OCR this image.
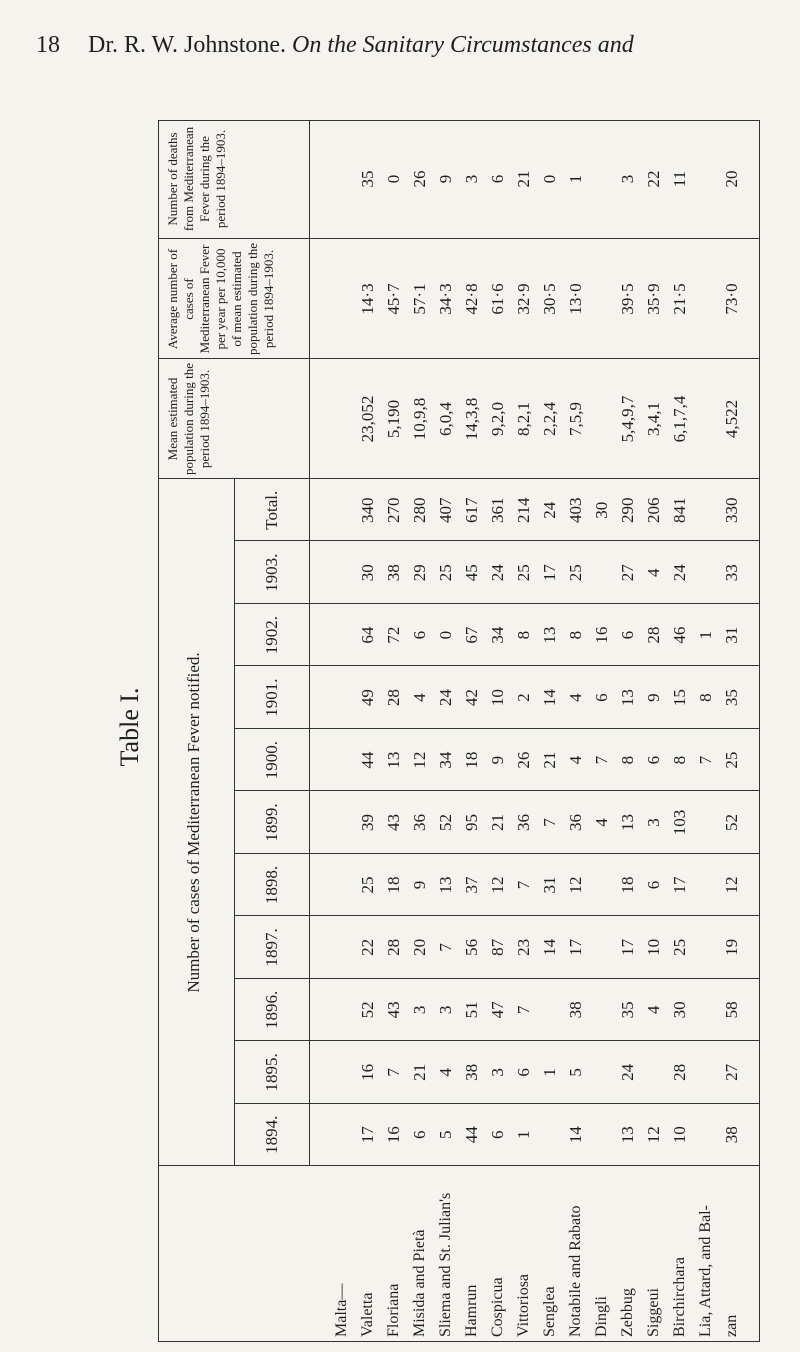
18 Dr. R. W. Johnstone. On the Sanitary Circumstances and
Table I.	Number of cases of Mediterranean Fever notified.
1894.
1895.
1896.
1897.
1898.
1899.
1900.
1901.
1902.
1903.
Total.
Mean estimated population during the period 1894–1903.
Average number of cases of Mediterranean Fever per year per 10,000 of mean estimated population during the period 1894–1903.
Number of deaths from Mediterranean Fever during the period 1894–1903.
Malta— Valetta Floriana Misida and Pietà Sliema and St. Julian's Hamrun Cospicua Vittoriosa Senglea Notabile and Rabato Dingli Zebbug Siggeui Birchirchara Lia, Attard, and Bal- zan
17 16 6 5 44 6 1 14 13 12 10 38
16 7 21 4 38 3 6 1 5 24 28 27
52 43 3 3 51 47 7 38 35 4 30 58
22 28 20 7 56 87 23 14 17 17 10 25 19
25 18 9 13 37 12 7 31 12 18 6 17 12
39 43 36 52 95 21 36 7 36 4 13 3 103 52
44 13 12 34 18 9 26 21 4 7 8 6 8 7 25
49 28 4 24 42 10 2 14 4 6 13 9 15 8 35
64 72 6 0 67 34 8 13 8 16 6 28 46 1 31
30 38 29 25 45 24 25 17 25 27 4 24 33
340 270 280 407 617 361 214 24 403 30 290 206 841 330
23,052 5,190 10,9,8 6,0,4 14,3,8 9,2,0 8,2,1 2,2,4 7,5,9 5,4,9,7 3,4,1 6,1,7,4 4,522
14·3 45·7 57·1 34·3 42·8 61·6 32·9 30·5 13·0 39·5 35·9 21·5 73·0
35 0 26 9 3 6 21 0 1 3 22 11 20
